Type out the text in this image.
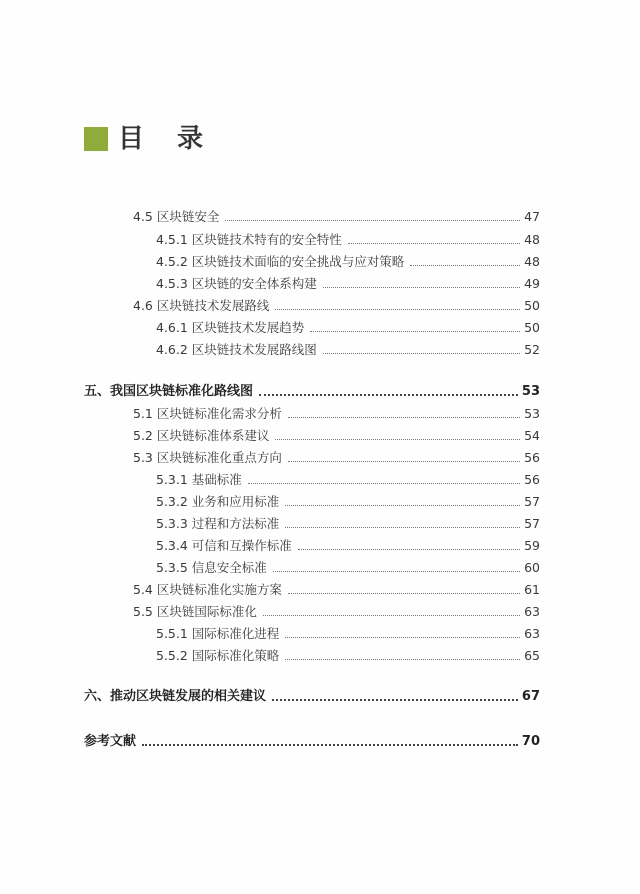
目 录
4.5 区块链安全	47
4.5.1 区块链技术特有的安全特性	48
4.5.2 区块链技术面临的安全挑战与应对策略	48
4.5.3 区块链的安全体系构建	49
4.6 区块链技术发展路线	50
4.6.1 区块链技术发展趋势	50
4.6.2 区块链技术发展路线图	52
五、我国区块链标准化路线图	53
5.1 区块链标准化需求分析	53
5.2 区块链标准体系建议	54
5.3 区块链标准化重点方向	56
5.3.1 基础标准	56
5.3.2 业务和应用标准	57
5.3.3 过程和方法标准	57
5.3.4 可信和互操作标准	59
5.3.5 信息安全标准	60
5.4 区块链标准化实施方案	61
5.5 区块链国际标准化	63
5.5.1 国际标准化进程	63
5.5.2 国际标准化策略	65
六、推动区块链发展的相关建议	67
参考文献	70
